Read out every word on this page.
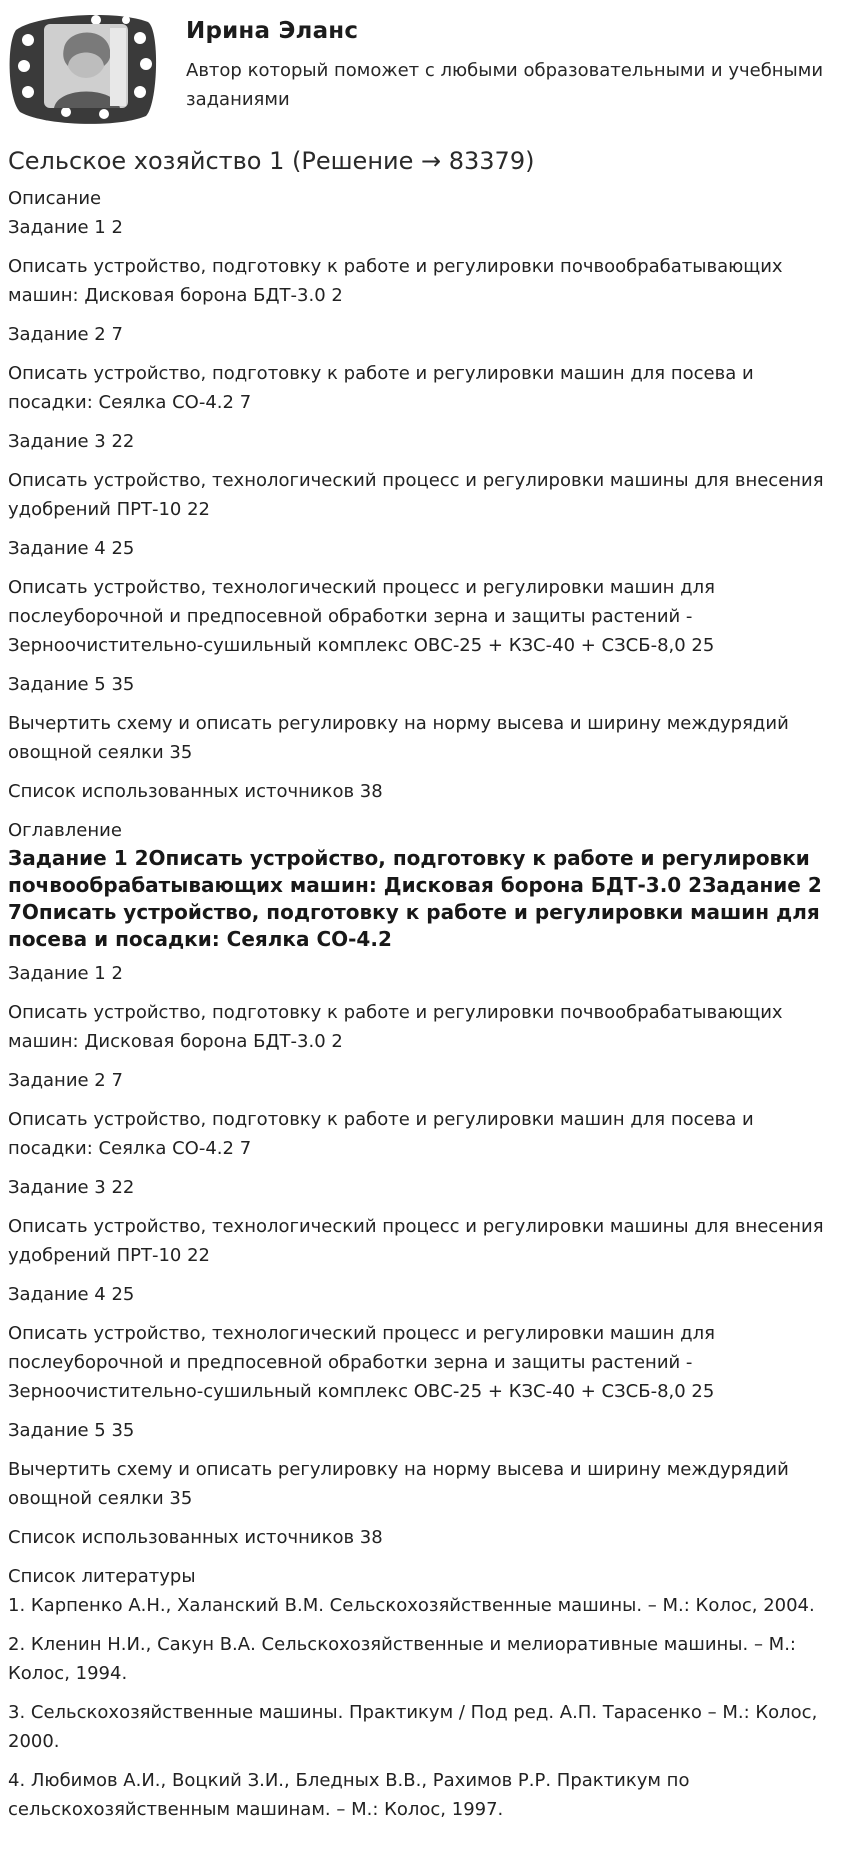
Ирина Эланс
Автор который поможет с любыми образовательными и учебными заданиями
Сельское хозяйство 1 (Решение → 83379)
Описание
Задание 1 2
Описать устройство, подготовку к работе и регулировки почвообрабатывающих машин: Дисковая борона БДТ-3.0 2
Задание 2 7
Описать устройство, подготовку к работе и регулировки машин для посева и посадки: Сеялка СО-4.2 7
Задание 3 22
Описать устройство, технологический процесс и регулировки машины для внесения удобрений ПРТ-10 22
Задание 4 25
Описать устройство, технологический процесс и регулировки машин для послеуборочной и предпосевной обработки зерна и защиты растений - Зерноочистительно-сушильный комплекс ОВС-25 + КЗС-40 + СЗСБ-8,0 25
Задание 5 35
Вычертить схему и описать регулировку на норму высева и ширину междурядий овощной сеялки 35
Список использованных источников 38
Оглавление
Задание 1 2Описать устройство, подготовку к работе и регулировки почвообрабатывающих машин: Дисковая борона БДТ-3.0 2Задание 2 7Описать устройство, подготовку к работе и регулировки машин для посева и посадки: Сеялка СО-4.2
Задание 1 2
Описать устройство, подготовку к работе и регулировки почвообрабатывающих машин: Дисковая борона БДТ-3.0 2
Задание 2 7
Описать устройство, подготовку к работе и регулировки машин для посева и посадки: Сеялка СО-4.2 7
Задание 3 22
Описать устройство, технологический процесс и регулировки машины для внесения удобрений ПРТ-10 22
Задание 4 25
Описать устройство, технологический процесс и регулировки машин для послеуборочной и предпосевной обработки зерна и защиты растений - Зерноочистительно-сушильный комплекс ОВС-25 + КЗС-40 + СЗСБ-8,0 25
Задание 5 35
Вычертить схему и описать регулировку на норму высева и ширину междурядий овощной сеялки 35
Список использованных источников 38
Список литературы
1. Карпенко А.Н., Халанский В.М. Сельскохозяйственные машины. – М.: Колос, 2004.
2. Кленин Н.И., Сакун В.А. Сельскохозяйственные и мелиоративные машины. – М.: Колос, 1994.
3. Сельскохозяйственные машины. Практикум / Под ред. А.П. Тарасенко – М.: Колос, 2000.
4. Любимов А.И., Воцкий З.И., Бледных В.В., Рахимов Р.Р. Практикум по сельскохозяйственным машинам. – М.: Колос, 1997.
